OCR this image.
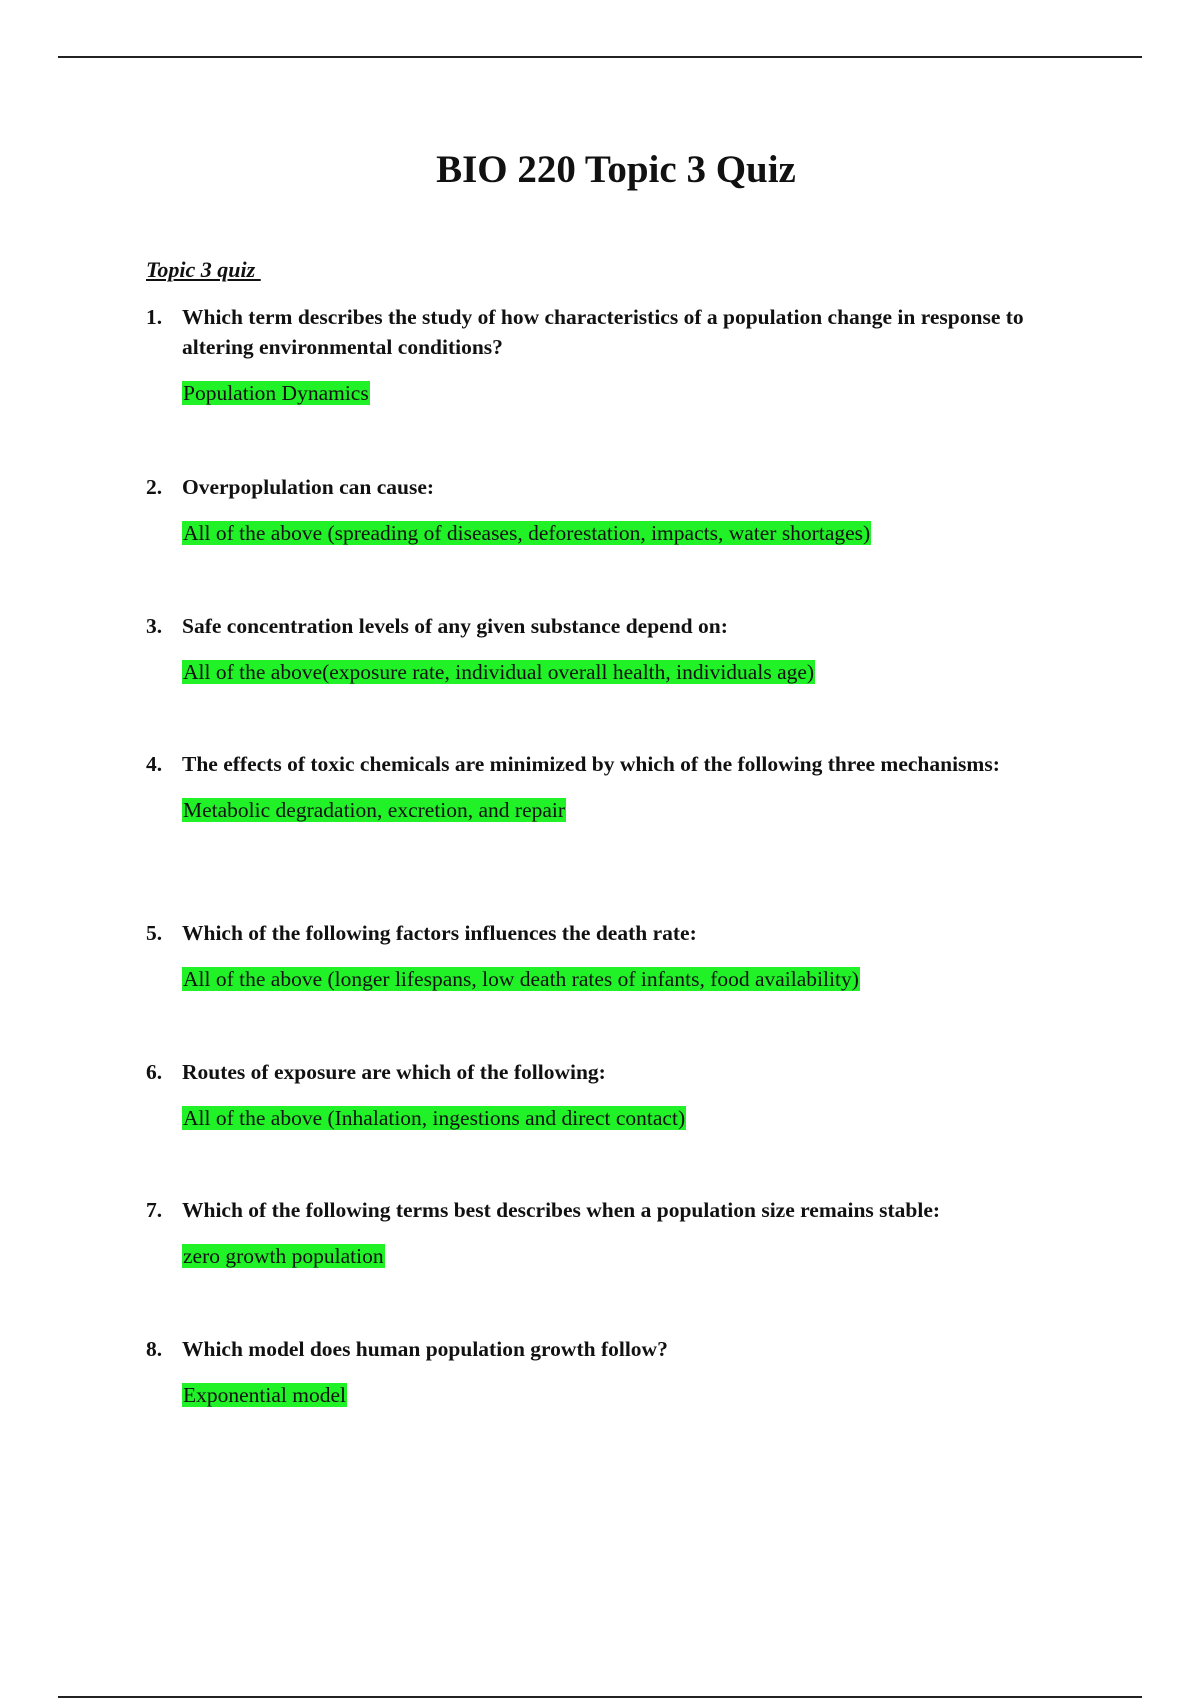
BIO 220 Topic 3 Quiz
Topic 3 quiz
1. Which term describes the study of how characteristics of a population change in response to altering environmental conditions?
Population Dynamics
2. Overpoplulation can cause:
All of the above (spreading of diseases, deforestation, impacts, water shortages)
3. Safe concentration levels of any given substance depend on:
All of the above(exposure rate, individual overall health, individuals age)
4. The effects of toxic chemicals are minimized by which of the following three mechanisms:
Metabolic degradation, excretion, and repair
5. Which of the following factors influences the death rate:
All of the above (longer lifespans, low death rates of infants, food availability)
6. Routes of exposure are which of the following:
All of the above (Inhalation, ingestions and direct contact)
7. Which of the following terms best describes when a population size remains stable:
zero growth population
8. Which model does human population growth follow?
Exponential model
